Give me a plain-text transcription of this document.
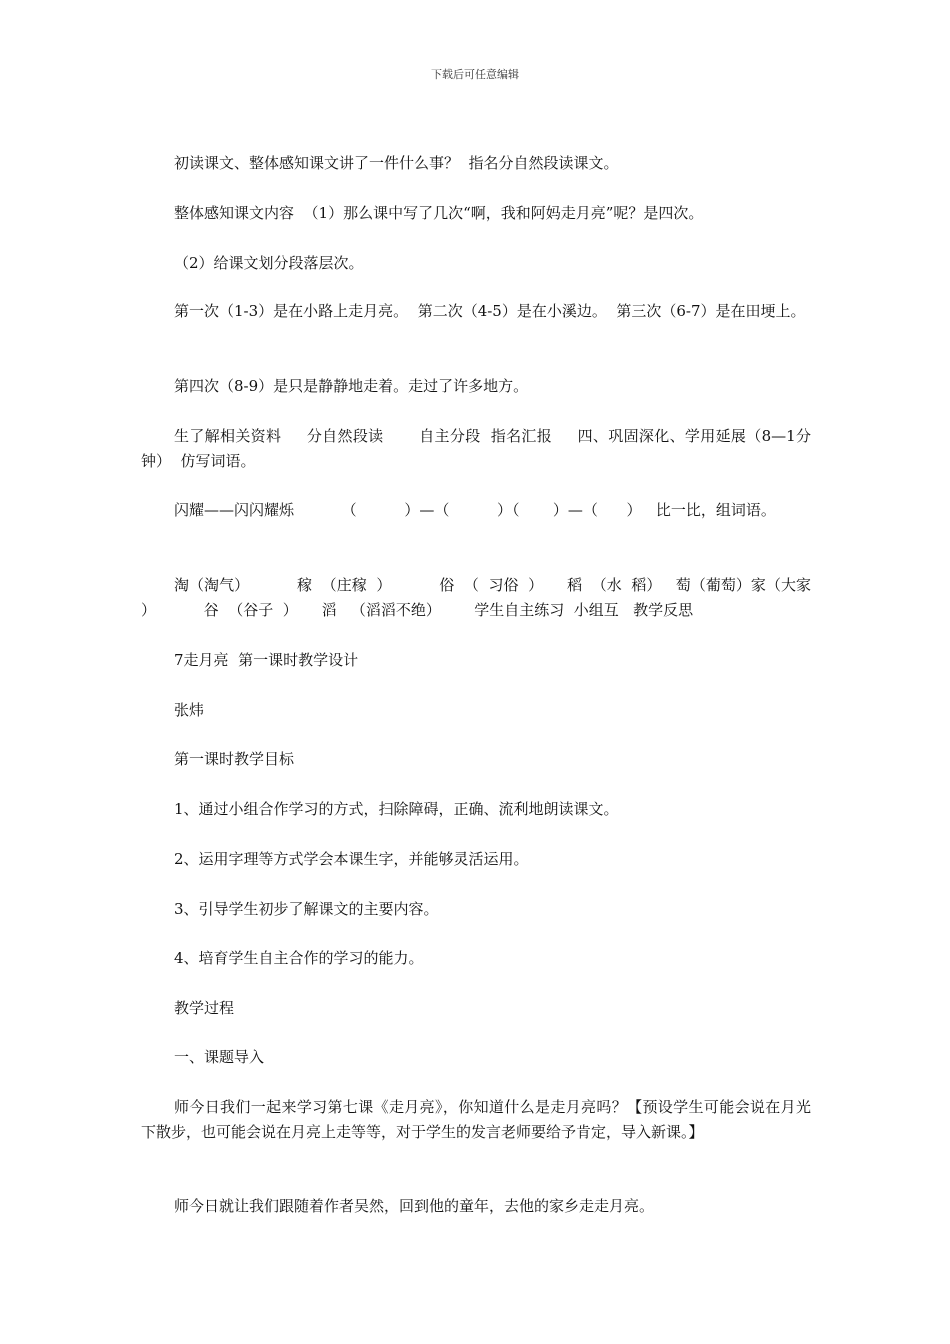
下载后可任意编辑

初读课文、整体感知课文讲了一件什么事？  指名分自然段读课文。

整体感知课文内容  （1）那么课中写了几次“啊，我和阿妈走月亮”呢？是四次。

（2）给课文划分段落层次。

第一次（1-3）是在小路上走月亮。  第二次（4-5）是在小溪边。  第三次（6-7）是在田埂上。

第四次（8-9）是只是静静地走着。走过了许多地方。

生了解相关资料     分自然段读       自主分段  指名汇报     四、巩固深化、学用延展（8—1分钟）  仿写词语。

闪耀——闪闪耀烁          （          ）—（          ）（       ）—（      ）   比一比，组词语。

淘（淘气）          稼  （庄稼  ）          俗  （  习俗  ）     稻  （水  稻）   萄（葡萄）家（大家  ）          谷  （谷子  ）     滔   （滔滔不绝）       学生自主练习  小组互   教学反思

7走月亮  第一课时教学设计

张炜

第一课时教学目标

1、通过小组合作学习的方式，扫除障碍，正确、流利地朗读课文。

2、运用字理等方式学会本课生字，并能够灵活运用。

3、引导学生初步了解课文的主要内容。

4、培育学生自主合作的学习的能力。

教学过程

一、课题导入

师今日我们一起来学习第七课《走月亮》，你知道什么是走月亮吗？【预设学生可能会说在月光下散步，也可能会说在月亮上走等等，对于学生的发言老师要给予肯定，导入新课。】

师今日就让我们跟随着作者吴然，回到他的童年，去他的家乡走走月亮。
